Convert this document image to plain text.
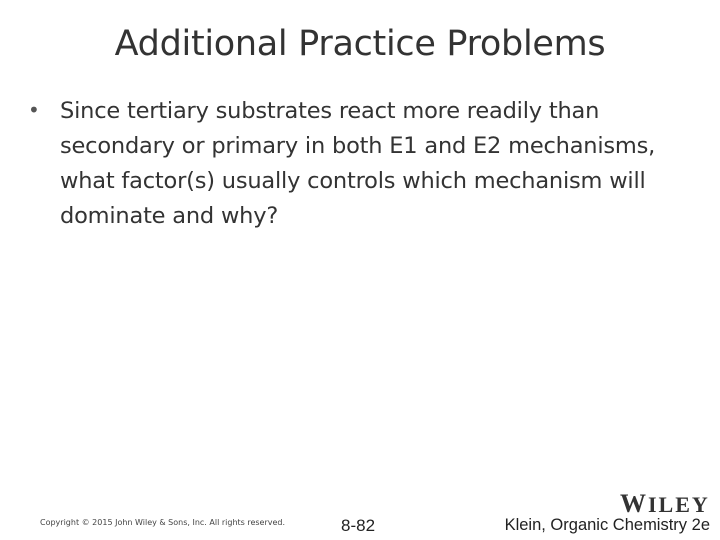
Additional Practice Problems
• Since tertiary substrates react more readily than secondary or primary in both E1 and E2 mechanisms, what factor(s) usually controls which mechanism will dominate and why?
Copyright © 2015 John Wiley & Sons, Inc. All rights reserved.	8-82
WILEY
Klein, Organic Chemistry 2e
